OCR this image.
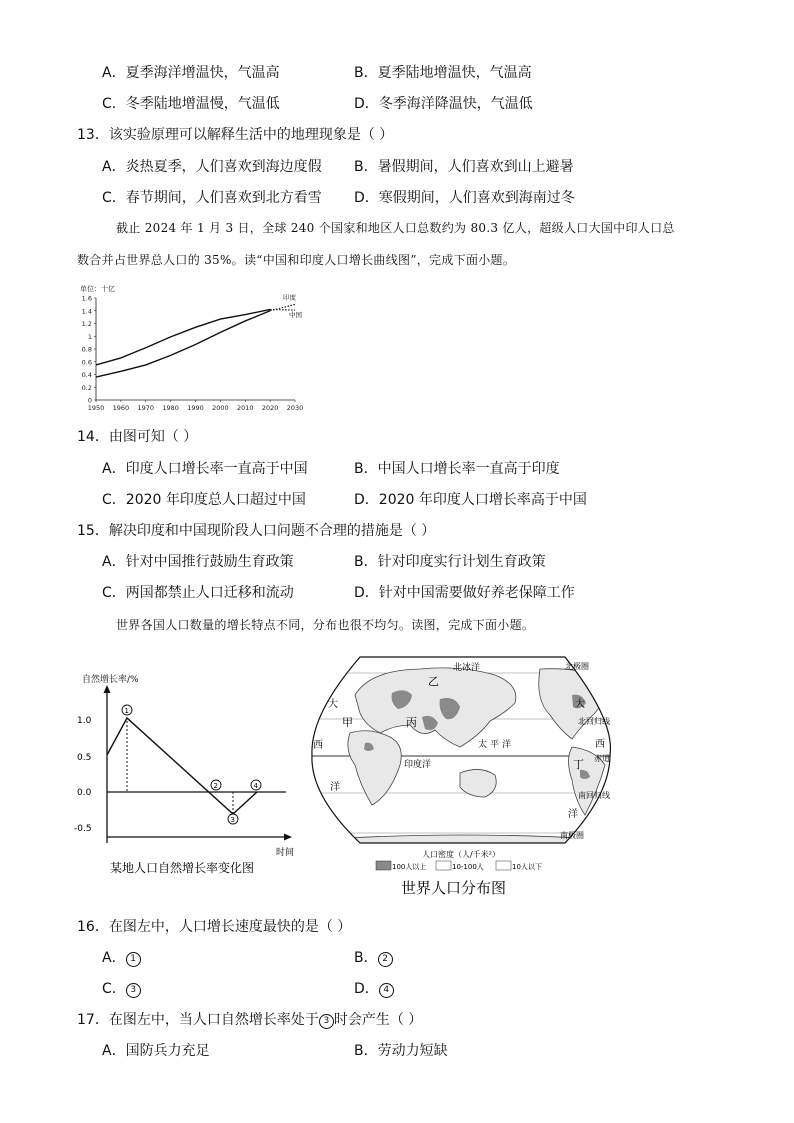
A．夏季海洋增温快，气温高	B．夏季陆地增温快，气温高
C．冬季陆地增温慢，气温低	D．冬季海洋降温快，气温低
13．该实验原理可以解释生活中的地理现象是（ ）
A．炎热夏季，人们喜欢到海边度假 B．暑假期间，人们喜欢到山上避暑
C．春节期间，人们喜欢到北方看雪 D．寒假期间，人们喜欢到海南过冬
截止 2024 年 1 月 3 日，全球 240 个国家和地区人口总数约为 80.3 亿人，超级人口大国中印人口总
数合并占世界总人口的 35%。读“中国和印度人口增长曲线图”，完成下面小题。
单位：十亿
0
0.2
0.4
0.6
0.8
1
1.2
1.4
1.6
1950 1960 1970 1980 1990 2000 2010 2020 2030
印度
中国
14．由图可知（ ）
A．印度人口增长率一直高于中国	B．中国人口增长率一直高于印度
C．2020 年印度总人口超过中国	D．2020 年印度人口增长率高于中国
15．解决印度和中国现阶段人口问题不合理的措施是（ ）
A．针对中国推行鼓励生育政策	B．针对印度实行计划生育政策
C．两国都禁止人口迁移和流动	D．针对中国需要做好养老保障工作
世界各国人口数量的增长特点不同，分布也很不均匀。读图，完成下面小题。
自然增长率/%
1.0
0.5
0.0
-0.5
1
2
3
4
时间
某地人口自然增长率变化图
北冰洋
太平洋
印度洋
大
西
洋
大
西
洋
甲
乙
丙
丁
北极圈
北回归线
赤道
南回归线
南极圈
人口密度（人/千米²）
100人以上	10-100人	10人以下
世界人口分布图
16．在图左中，人口增长速度最快的是（ ）
A． 1	B． 2
C． 3	D． 4
17．在图左中，当人口自然增长率处于 3 时会产生（ ）
A．国防兵力充足	B．劳动力短缺
